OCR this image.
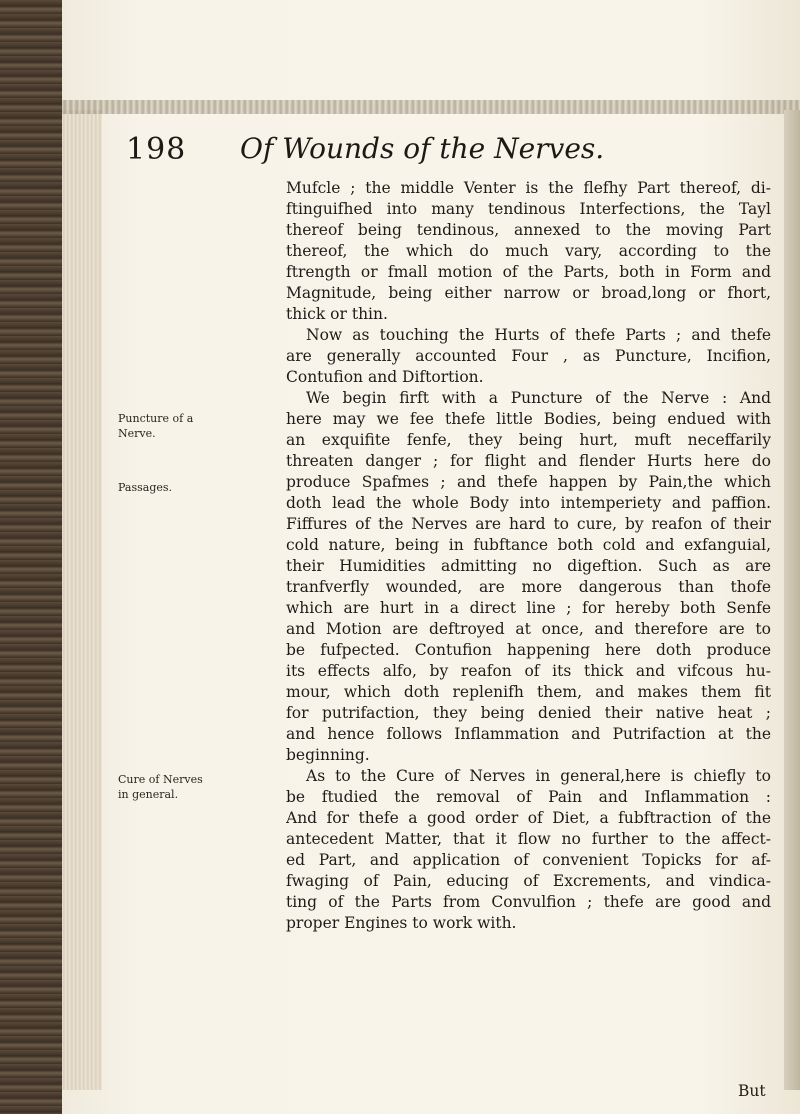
198 Of Wounds of the Nerves.
Puncture of a
Nerve.
Passages.
Cure of Nerves
in general.
Mufcle ; the middle Venter is the flefhy Part thereof, di-
ftinguifhed into many tendinous Interfections, the Tayl
thereof being tendinous, annexed to the moving Part
thereof, the which do much vary, according to the
ftrength or fmall motion of the Parts, both in Form and
Magnitude, being either narrow or broad,long or fhort,
thick or thin.
Now as touching the Hurts of thefe Parts ; and thefe
are generally accounted Four , as Puncture, Incifion,
Contufion and Diftortion.
We begin firft with a Puncture of the Nerve : And
here may we fee thefe little Bodies, being endued with
an exquifite fenfe, they being hurt, muft neceffarily
threaten danger ; for flight and flender Hurts here do
produce Spafmes ; and thefe happen by Pain,the which
doth lead the whole Body into intemperiety and paffion.
Fiffures of the Nerves are hard to cure, by reafon of their
cold nature, being in fubftance both cold and exfanguial,
their Humidities admitting no digeftion. Such as are
tranfverfly wounded, are more dangerous than thofe
which are hurt in a direct line ; for hereby both Senfe
and Motion are deftroyed at once, and therefore are to
be fufpected. Contufion happening here doth produce
its effects alfo, by reafon of its thick and vifcous hu-
mour, which doth replenifh them, and makes them fit
for putrifaction, they being denied their native heat ;
and hence follows Inflammation and Putrifaction at the
beginning.
As to the Cure of Nerves in general,here is chiefly to
be ftudied the removal of Pain and Inflammation :
And for thefe a good order of Diet, a fubftraction of the
antecedent Matter, that it flow no further to the affect-
ed Part, and application of convenient Topicks for af-
fwaging of Pain, educing of Excrements, and vindica-
ting of the Parts from Convulfion ; thefe are good and
proper Engines to work with.
But
